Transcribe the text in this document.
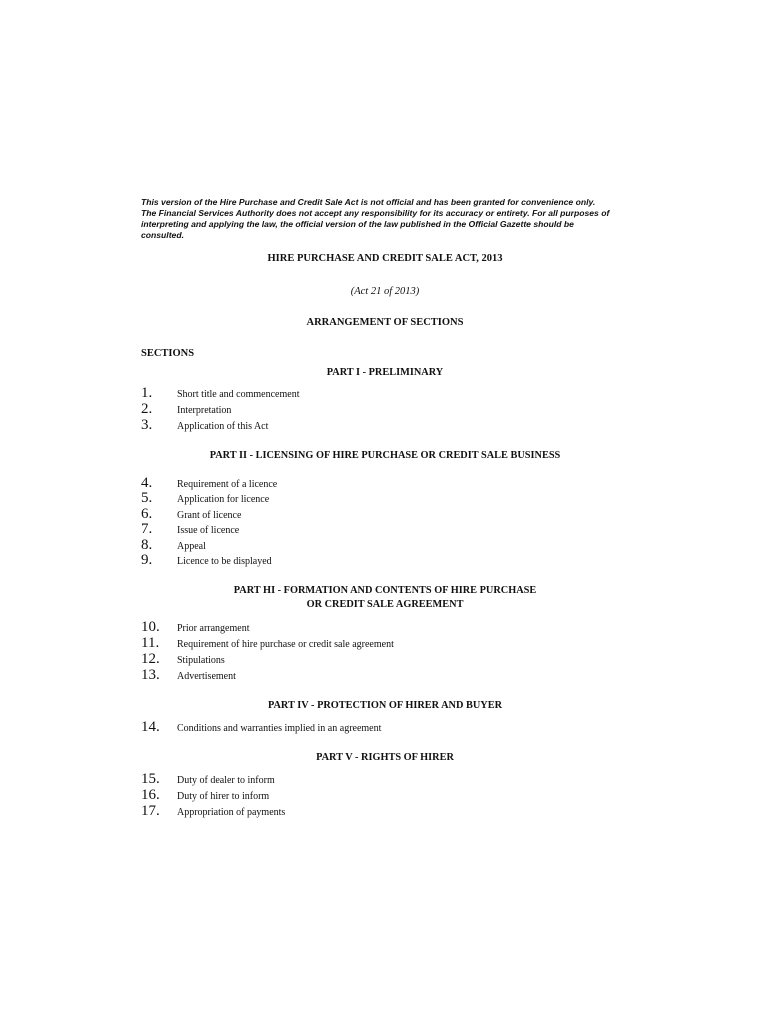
This version of the Hire Purchase and Credit Sale Act is not official and has been granted for convenience only. The Financial Services Authority does not accept any responsibility for its accuracy or entirety. For all purposes of interpreting and applying the law, the official version of the law published in the Official Gazette should be consulted.

HIRE PURCHASE AND CREDIT SALE ACT, 2013

(Act 21 of 2013)

ARRANGEMENT OF SECTIONS

SECTIONS

PART I - PRELIMINARY

1. Short title and commencement
2. Interpretation
3. Application of this Act

PART II - LICENSING OF HIRE PURCHASE OR CREDIT SALE BUSINESS

4. Requirement of a licence
5. Application for licence
6. Grant of licence
7. Issue of licence
8. Appeal
9. Licence to be displayed

PART HI - FORMATION AND CONTENTS OF HIRE PURCHASE
OR CREDIT SALE AGREEMENT

10. Prior arrangement
11. Requirement of hire purchase or credit sale agreement
12. Stipulations
13. Advertisement

PART IV - PROTECTION OF HIRER AND BUYER

14. Conditions and warranties implied in an agreement

PART V - RIGHTS OF HIRER

15. Duty of dealer to inform
16. Duty of hirer to inform
17. Appropriation of payments
